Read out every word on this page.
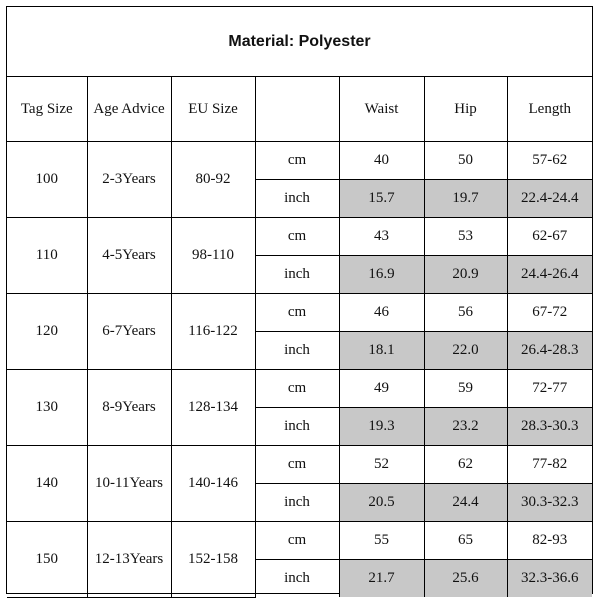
Material: Polyester
Tag Size	Age Advice	EU Size		Waist	Hip	Length
100	2-3Years	80-92	cm	40	50	57-62
			inch	15.7	19.7	22.4-24.4
110	4-5Years	98-110	cm	43	53	62-67
			inch	16.9	20.9	24.4-26.4
120	6-7Years	116-122	cm	46	56	67-72
			inch	18.1	22.0	26.4-28.3
130	8-9Years	128-134	cm	49	59	72-77
			inch	19.3	23.2	28.3-30.3
140	10-11Years	140-146	cm	52	62	77-82
			inch	20.5	24.4	30.3-32.3
150	12-13Years	152-158	cm	55	65	82-93
			inch	21.7	25.6	32.3-36.6
